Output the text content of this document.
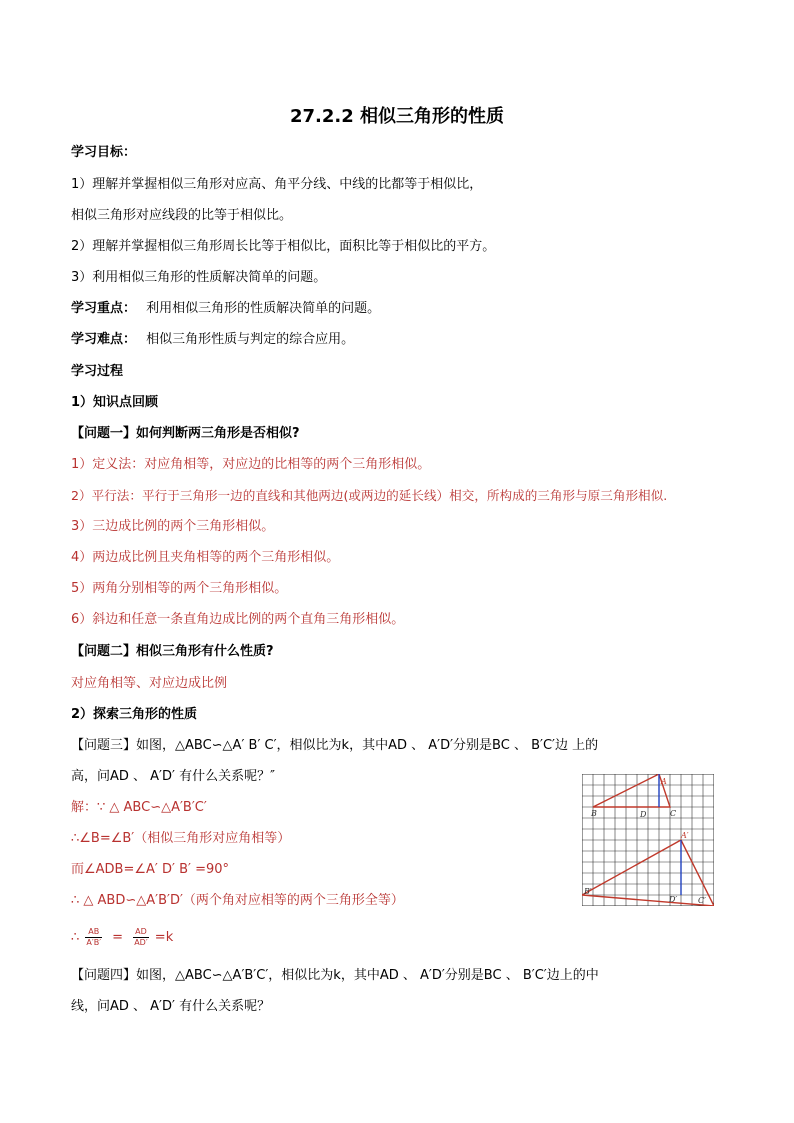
27.2.2 相似三角形的性质
学习目标：
1）理解并掌握相似三角形对应高、角平分线、中线的比都等于相似比，
相似三角形对应线段的比等于相似比。
2）理解并掌握相似三角形周长比等于相似比，面积比等于相似比的平方。
3）利用相似三角形的性质解决简单的问题。
学习重点： 利用相似三角形的性质解决简单的问题。
学习难点： 相似三角形性质与判定的综合应用。
学习过程
1）知识点回顾
【问题一】如何判断两三角形是否相似?
1）定义法：对应角相等，对应边的比相等的两个三角形相似。
2）平行法：平行于三角形一边的直线和其他两边(或两边的延长线）相交，所构成的三角形与原三角形相似.
3）三边成比例的两个三角形相似。
4）两边成比例且夹角相等的两个三角形相似。
5）两角分别相等的两个三角形相似。
6）斜边和任意一条直角边成比例的两个直角三角形相似。
【问题二】相似三角形有什么性质?
对应角相等、对应边成比例
2）探索三角形的性质
【问题三】如图，△ABC∽△A′ B′ C′，相似比为k，其中AD 、 A′D′分别是BC 、 B′C′边 上的
高，问AD 、 A′D′ 有什么关系呢？″
解：∵ △ ABC∽△A′B′C′
∴∠B=∠B′（相似三角形对应角相等）
而∠ADB=∠A′ D′ B′ =90°
∴ △ ABD∽△A′B′D′（两个角对应相等的两个三角形全等）
∴ $\frac{AB}{A'B'} = \frac{AD}{AD'} =k$
【问题四】如图，△ABC∽△A′B′C′，相似比为k，其中AD 、 A′D′分别是BC 、 B′C′边上的中
线，问AD 、 A′D′ 有什么关系呢？
A
B	C
D
A′
B′
C′
D′
